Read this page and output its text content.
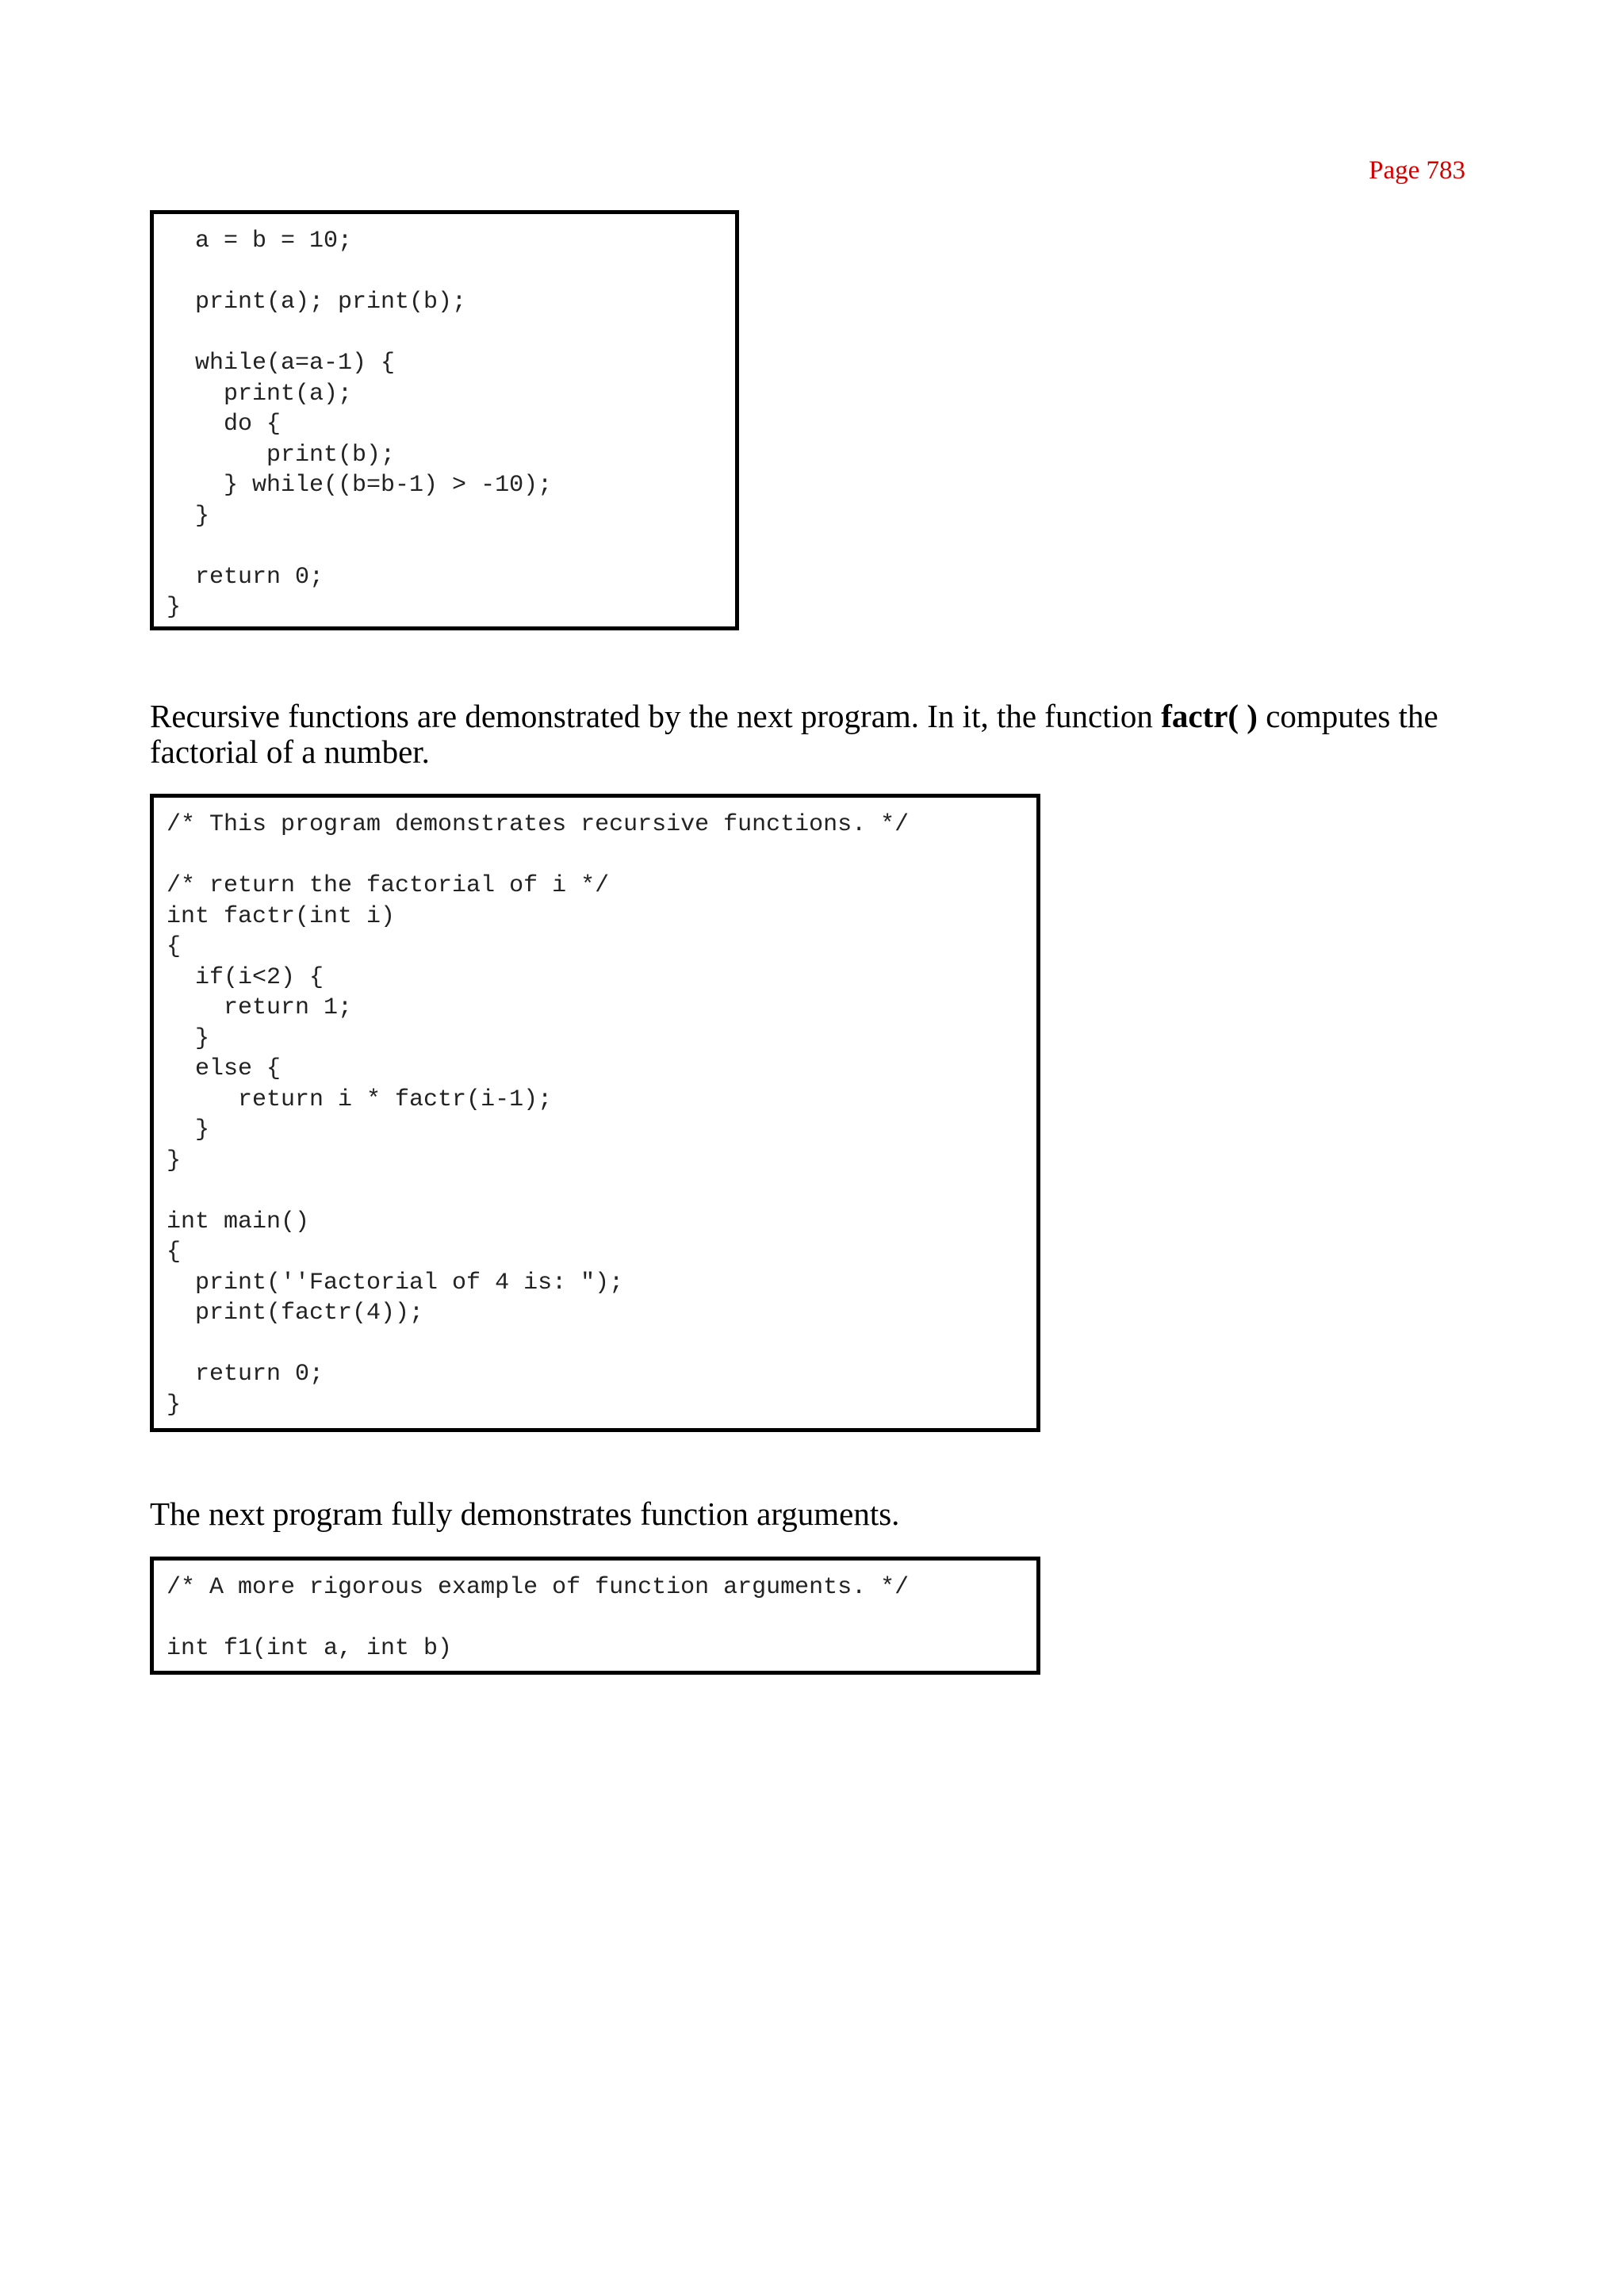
Page 783
a = b = 10;

print(a); print(b);

while(a=a-1) {
print(a);
do {
print(b);
} while((b=b-1) > -10);
}

return 0;
}

Recursive functions are demonstrated by the next program. In it, the function factr( ) computes the factorial of a number.

/* This program demonstrates recursive functions. */

/* return the factorial of i */
int factr(int i)
{
if(i<2) {
return 1;
}
else {
return i * factr(i-1);
}
}

int main()
{
print(''Factorial of 4 is: ");
print(factr(4));

return 0;
}

The next program fully demonstrates function arguments.

/* A more rigorous example of function arguments. */

int f1(int a, int b)
